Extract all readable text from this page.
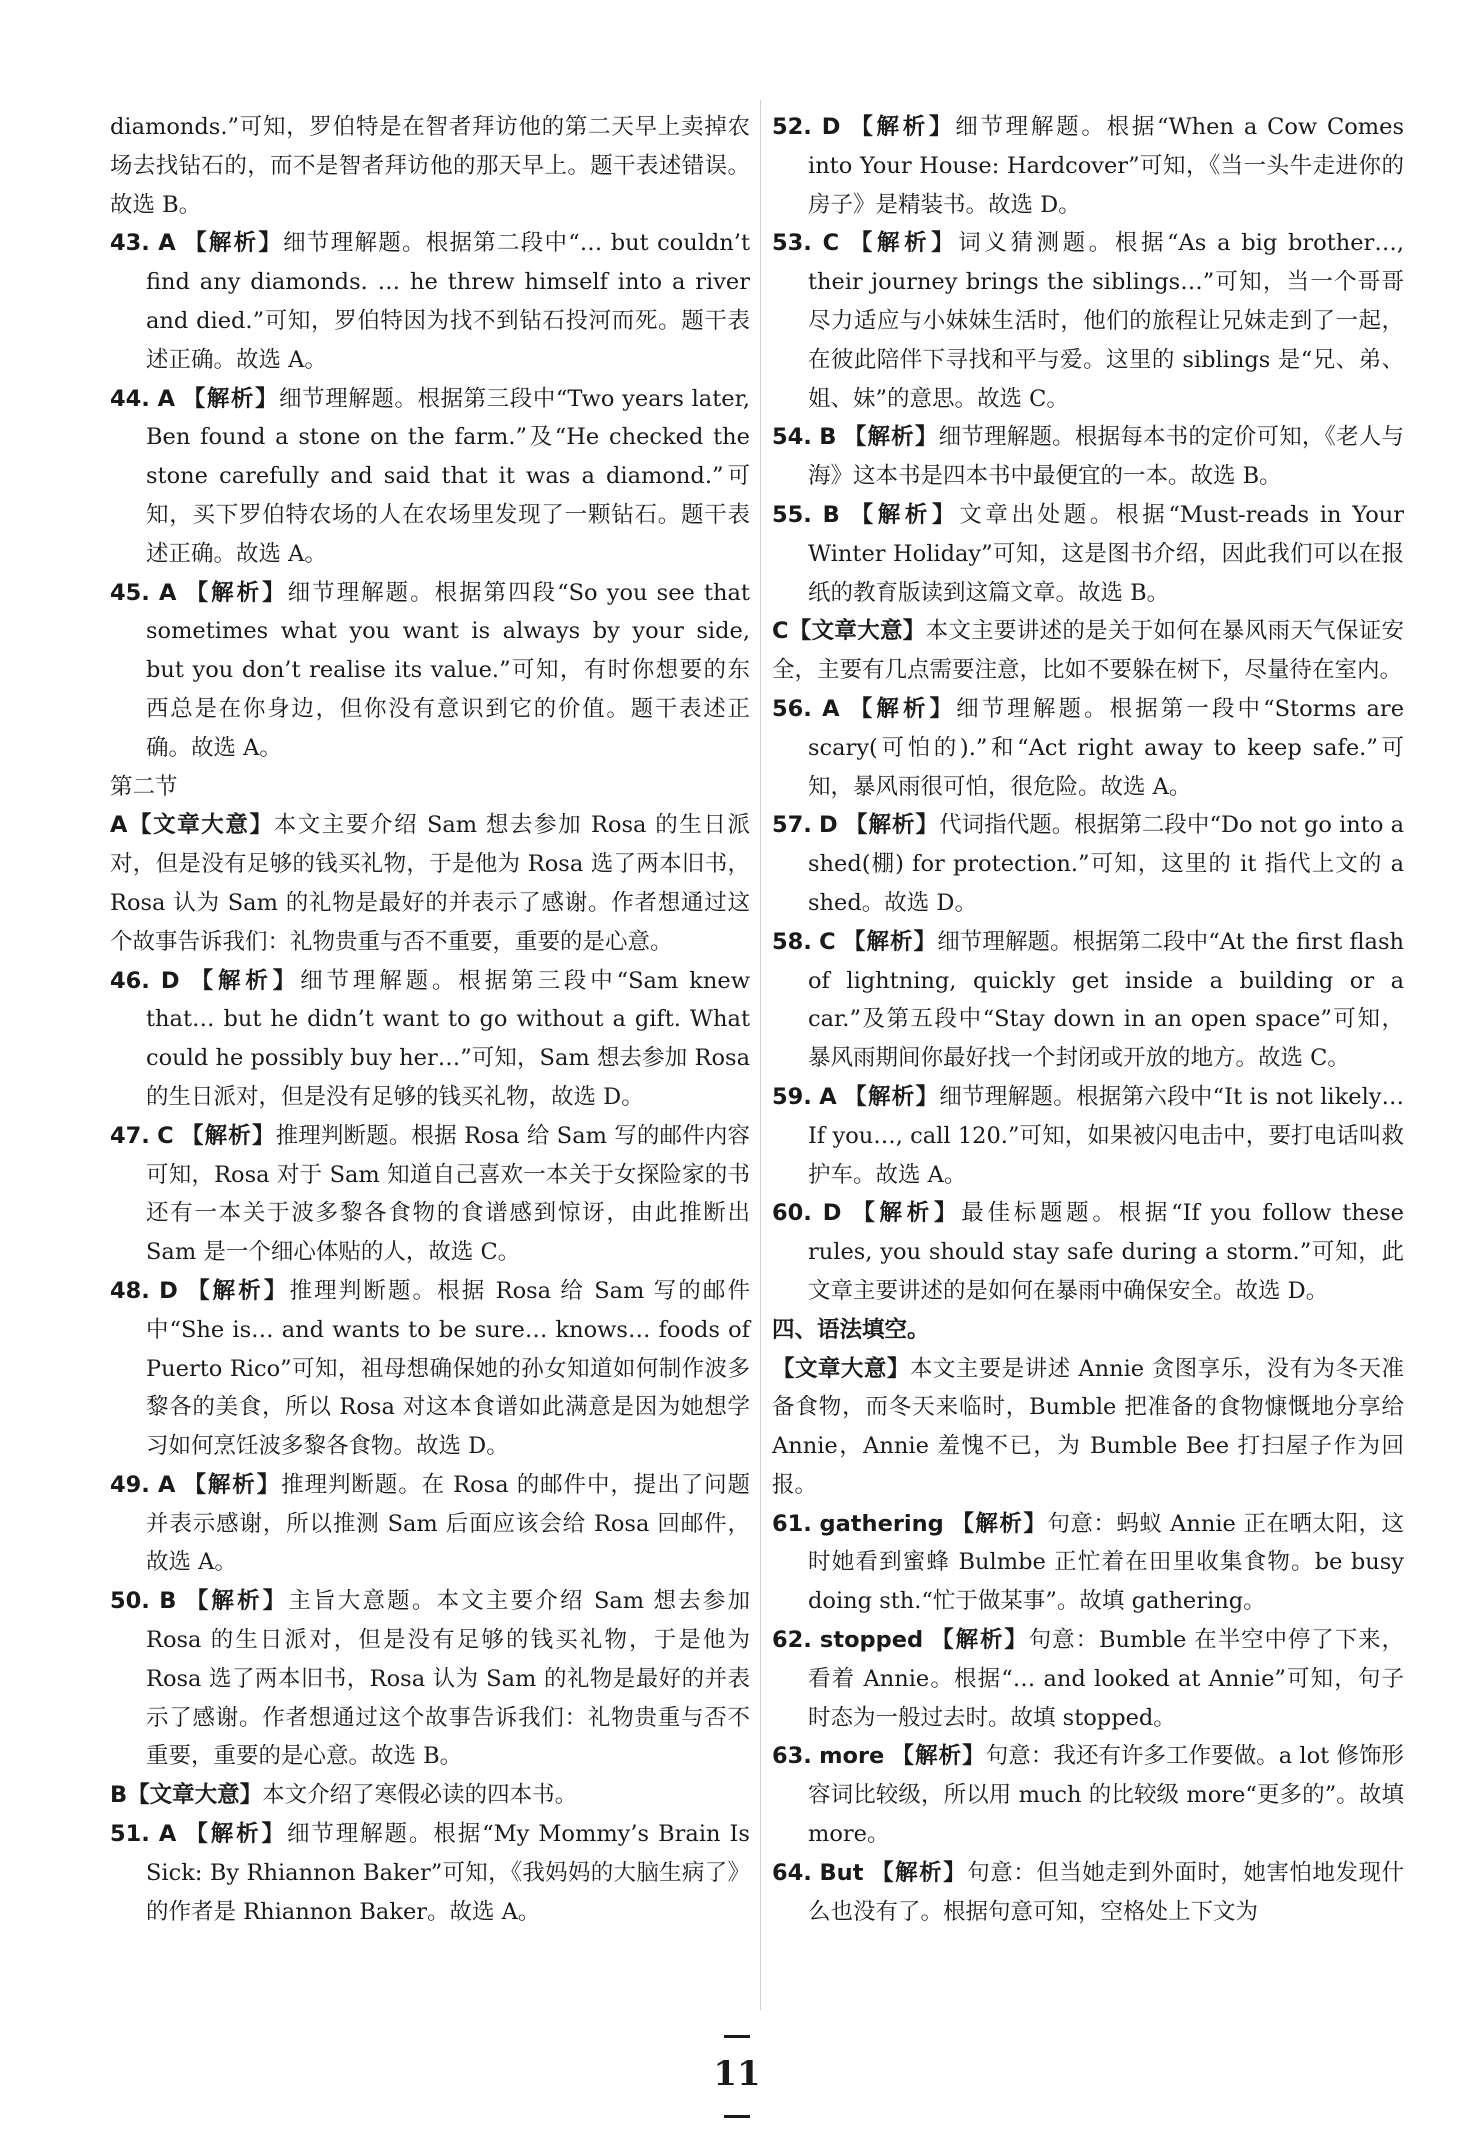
diamonds.”可知，罗伯特是在智者拜访他的第二天早上卖掉农场去找钻石的，而不是智者拜访他的那天早上。题干表述错误。故选 B。

43. A 【解析】细节理解题。根据第二段中“… but couldn’t find any diamonds. … he threw himself into a river and died.”可知，罗伯特因为找不到钻石投河而死。题干表述正确。故选 A。

44. A 【解析】细节理解题。根据第三段中“Two years later, Ben found a stone on the farm.”及“He checked the stone carefully and said that it was a diamond.”可知，买下罗伯特农场的人在农场里发现了一颗钻石。题干表述正确。故选 A。

45. A 【解析】细节理解题。根据第四段“So you see that sometimes what you want is always by your side, but you don’t realise its value.”可知，有时你想要的东西总是在你身边，但你没有意识到它的价值。题干表述正确。故选 A。

第二节

A【文章大意】本文主要介绍 Sam 想去参加 Rosa 的生日派对，但是没有足够的钱买礼物，于是他为 Rosa 选了两本旧书，Rosa 认为 Sam 的礼物是最好的并表示了感谢。作者想通过这个故事告诉我们：礼物贵重与否不重要，重要的是心意。

46. D 【解析】细节理解题。根据第三段中“Sam knew that… but he didn’t want to go without a gift. What could he possibly buy her…”可知，Sam 想去参加 Rosa的生日派对，但是没有足够的钱买礼物，故选 D。

47. C 【解析】推理判断题。根据 Rosa 给 Sam 写的邮件内容可知，Rosa 对于 Sam 知道自己喜欢一本关于女探险家的书还有一本关于波多黎各食物的食谱感到惊讶，由此推断出 Sam 是一个细心体贴的人，故选 C。

48. D 【解析】推理判断题。根据 Rosa 给 Sam 写的邮件中“She is… and wants to be sure… knows… foods of Puerto Rico”可知，祖母想确保她的孙女知道如何制作波多黎各的美食，所以 Rosa 对这本食谱如此满意是因为她想学习如何烹饪波多黎各食物。故选 D。

49. A 【解析】推理判断题。在 Rosa 的邮件中，提出了问题并表示感谢，所以推测 Sam 后面应该会给 Rosa 回邮件，故选 A。

50. B 【解析】主旨大意题。本文主要介绍 Sam 想去参加 Rosa 的生日派对，但是没有足够的钱买礼物，于是他为 Rosa 选了两本旧书，Rosa 认为 Sam 的礼物是最好的并表示了感谢。作者想通过这个故事告诉我们：礼物贵重与否不重要，重要的是心意。故选 B。

B【文章大意】本文介绍了寒假必读的四本书。

51. A 【解析】细节理解题。根据“My Mommy’s Brain Is Sick: By Rhiannon Baker”可知，《我妈妈的大脑生病了》的作者是 Rhiannon Baker。故选 A。

52. D 【解析】细节理解题。根据“When a Cow Comes into Your House: Hardcover”可知，《当一头牛走进你的房子》是精装书。故选 D。

53. C 【解析】词义猜测题。根据“As a big brother…, their journey brings the siblings…”可知，当一个哥哥尽力适应与小妹妹生活时，他们的旅程让兄妹走到了一起，在彼此陪伴下寻找和平与爱。这里的 siblings 是“兄、弟、姐、妹”的意思。故选 C。

54. B 【解析】细节理解题。根据每本书的定价可知，《老人与海》这本书是四本书中最便宜的一本。故选 B。

55. B 【解析】文章出处题。根据“Must-reads in Your Winter Holiday”可知，这是图书介绍，因此我们可以在报纸的教育版读到这篇文章。故选 B。

C【文章大意】本文主要讲述的是关于如何在暴风雨天气保证安全，主要有几点需要注意，比如不要躲在树下，尽量待在室内。

56. A 【解析】细节理解题。根据第一段中“Storms are scary(可怕的).”和“Act right away to keep safe.”可知，暴风雨很可怕，很危险。故选 A。

57. D 【解析】代词指代题。根据第二段中“Do not go into a shed(棚) for protection.”可知，这里的 it 指代上文的 a shed。故选 D。

58. C 【解析】细节理解题。根据第二段中“At the first flash of lightning, quickly get inside a building or a car.”及第五段中“Stay down in an open space”可知，暴风雨期间你最好找一个封闭或开放的地方。故选 C。

59. A 【解析】细节理解题。根据第六段中“It is not likely… If you…, call 120.”可知，如果被闪电击中，要打电话叫救护车。故选 A。

60. D 【解析】最佳标题题。根据“If you follow these rules, you should stay safe during a storm.”可知，此文章主要讲述的是如何在暴雨中确保安全。故选 D。

四、语法填空。

【文章大意】本文主要是讲述 Annie 贪图享乐，没有为冬天准备食物，而冬天来临时，Bumble 把准备的食物慷慨地分享给 Annie，Annie 羞愧不已，为 Bumble Bee 打扫屋子作为回报。

61. gathering 【解析】句意：蚂蚁 Annie 正在晒太阳，这时她看到蜜蜂 Bulmbe 正忙着在田里收集食物。be busy doing sth.“忙于做某事”。故填 gathering。

62. stopped 【解析】句意：Bumble 在半空中停了下来，看着 Annie。根据“… and looked at Annie”可知，句子时态为一般过去时。故填 stopped。

63. more 【解析】句意：我还有许多工作要做。a lot 修饰形容词比较级，所以用 much 的比较级 more“更多的”。故填 more。

64. But 【解析】句意：但当她走到外面时，她害怕地发现什么也没有了。根据句意可知，空格处上下文为

11
